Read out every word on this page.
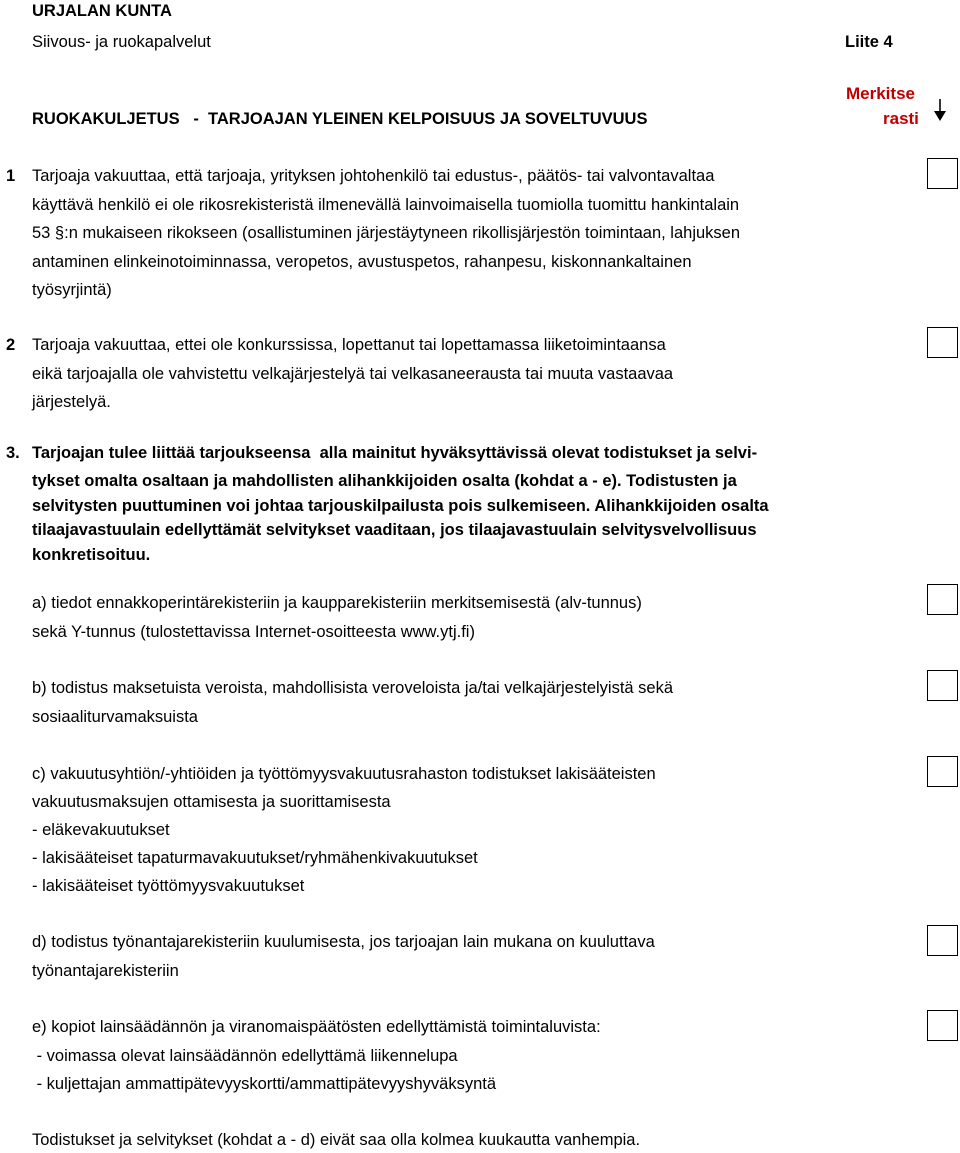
URJALAN KUNTA
Siivous- ja ruokapalvelut	Liite 4
RUOKAKULJETUS   -  TARJOAJAN YLEINEN KELPOISUUS JA SOVELTUVUUS
Merkitse
rasti
1 Tarjoaja vakuuttaa, että tarjoaja, yrityksen johtohenkilö tai edustus-, päätös- tai valvontavaltaa
käyttävä henkilö ei ole rikosrekisteristä ilmenevällä lainvoimaisella tuomiolla tuomittu hankintalain
53 §:n mukaiseen rikokseen (osallistuminen järjestäytyneen rikollisjärjestön toimintaan, lahjuksen
antaminen elinkeinotoiminnassa, veropetos, avustuspetos, rahanpesu, kiskonnankaltainen
työsyrjintä)
2 Tarjoaja vakuuttaa, ettei ole konkurssissa, lopettanut tai lopettamassa liiketoimintaansa
eikä tarjoajalla ole vahvistettu velkajärjestelyä tai velkasaneerausta tai muuta vastaavaa
järjestelyä.
3. Tarjoajan tulee liittää tarjoukseensa  alla mainitut hyväksyttävissä olevat todistukset ja selvi-
tykset omalta osaltaan ja mahdollisten alihankkijoiden osalta (kohdat a - e). Todistusten ja
selvitysten puuttuminen voi johtaa tarjouskilpailusta pois sulkemiseen. Alihankkijoiden osalta
tilaajavastuulain edellyttämät selvitykset vaaditaan, jos tilaajavastuulain selvitysvelvollisuus
konkretisoituu.
a) tiedot ennakkoperintärekisteriin ja kaupparekisteriin merkitsemisestä (alv-tunnus)
sekä Y-tunnus (tulostettavissa Internet-osoitteesta www.ytj.fi)
b) todistus maksetuista veroista, mahdollisista veroveloista ja/tai velkajärjestelyistä sekä
sosiaaliturvamaksuista
c) vakuutusyhtiön/-yhtiöiden ja työttömyysvakuutusrahaston todistukset lakisääteisten
vakuutusmaksujen ottamisesta ja suorittamisesta
- eläkevakuutukset
- lakisääteiset tapaturmavakuutukset/ryhmähenkivakuutukset
- lakisääteiset työttömyysvakuutukset
d) todistus työnantajarekisteriin kuulumisesta, jos tarjoajan lain mukana on kuuluttava
työnantajarekisteriin
e) kopiot lainsäädännön ja viranomaispäätösten edellyttämistä toimintaluvista:
- voimassa olevat lainsäädännön edellyttämä liikennelupa
- kuljettajan ammattipätevyyskortti/ammattipätevyyshyväksyntä
Todistukset ja selvitykset (kohdat a - d) eivät saa olla kolmea kuukautta vanhempia.
